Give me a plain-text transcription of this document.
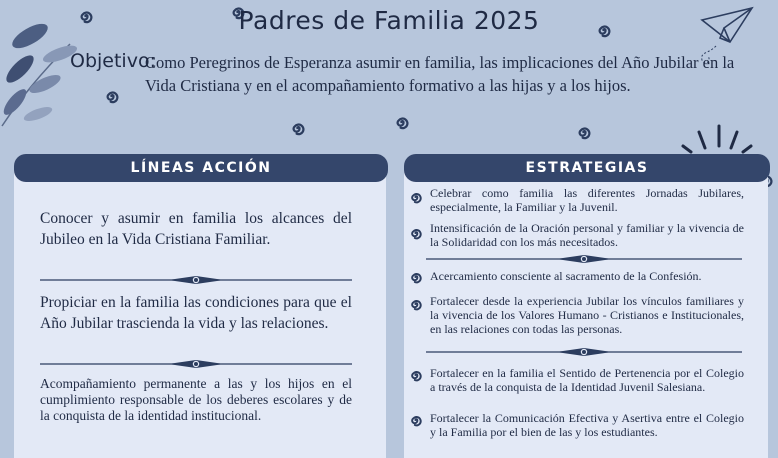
Padres de Familia 2025
Objetivo:
Como Peregrinos de Esperanza asumir en familia, las implicaciones del Año Jubilar en la Vida Cristiana y en el acompañamiento formativo a las hijas y a los hijos.
LÍNEAS ACCIÓN
Conocer y asumir en familia los alcances del Jubileo en la Vida Cristiana Familiar.
Propiciar en la familia las condiciones para que el Año Jubilar trascienda la vida y las relaciones.
Acompañamiento permanente a las y los hijos en el cumplimiento responsable de los deberes escolares y de la conquista de la identidad institucional.
ESTRATEGIAS
Celebrar como familia las diferentes Jornadas Jubilares, especialmente, la Familiar y la Juvenil.
Intensificación de la Oración personal y familiar y la vivencia de la Solidaridad con los más necesitados.
Acercamiento consciente al sacramento de la Confesión.
Fortalecer desde la experiencia Jubilar los vínculos familiares y la vivencia de los Valores Humano - Cristianos e Institucionales, en las relaciones con todas las personas.
Fortalecer en la familia el Sentido de Pertenencia por el Colegio a través de la conquista de la Identidad Juvenil Salesiana.
Fortalecer la Comunicación Efectiva y Asertiva entre el Colegio y la Familia por el bien de las y los estudiantes.
